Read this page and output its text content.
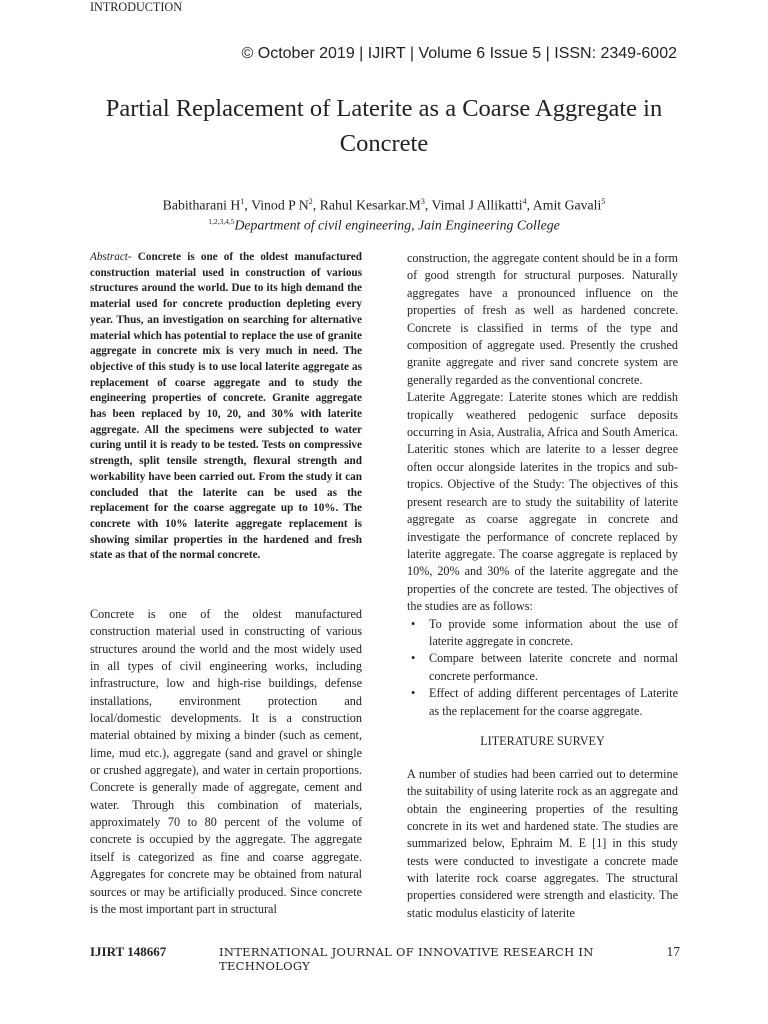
© October 2019 | IJIRT | Volume 6 Issue 5 | ISSN: 2349-6002
Partial Replacement of Laterite as a Coarse Aggregate in Concrete
Babitharani $H^1$, Vinod P $N^2$, Rahul $Kesarkar.M^3$, Vimal J Allikatti$^4$, Amit Gavali$^5$
$^{1,2,3,4,5}$Department of civil engineering, Jain Engineering College

Abstract- Concrete is one of the oldest manufactured construction material used in construction of various structures around the world. Due to its high demand the material used for concrete production depleting every year. Thus, an investigation on searching for alternative material which has potential to replace the use of granite aggregate in concrete mix is very much in need. The objective of this study is to use local laterite aggregate as replacement of coarse aggregate and to study the engineering properties of concrete. Granite aggregate has been replaced by 10, 20, and 30% with laterite aggregate. All the specimens were subjected to water curing until it is ready to be tested. Tests on compressive strength, split tensile strength, flexural strength and workability have been carried out. From the study it can concluded that the laterite can be used as the replacement for the coarse aggregate up to 10%. The concrete with 10% laterite aggregate replacement is showing similar properties in the hardened and fresh state as that of the normal concrete.

INTRODUCTION

Concrete is one of the oldest manufactured construction material used in constructing of various structures around the world and the most widely used in all types of civil engineering works, including infrastructure, low and high-rise buildings, defense installations, environment protection and local/domestic developments. It is a construction material obtained by mixing a binder (such as cement, lime, mud etc.), aggregate (sand and gravel or shingle or crushed aggregate), and water in certain proportions. Concrete is generally made of aggregate, cement and water. Through this combination of materials, approximately 70 to 80 percent of the volume of concrete is occupied by the aggregate. The aggregate itself is categorized as fine and coarse aggregate. Aggregates for concrete may be obtained from natural sources or may be artificially produced. Since concrete is the most important part in structural

construction, the aggregate content should be in a form of good strength for structural purposes. Naturally aggregates have a pronounced influence on the properties of fresh as well as hardened concrete. Concrete is classified in terms of the type and composition of aggregate used. Presently the crushed granite aggregate and river sand concrete system are generally regarded as the conventional concrete.

Laterite Aggregate: Laterite stones which are reddish tropically weathered pedogenic surface deposits occurring in Asia, Australia, Africa and South America. Lateritic stones which are laterite to a lesser degree often occur alongside laterites in the tropics and sub-tropics. Objective of the Study: The objectives of this present research are to study the suitability of laterite aggregate as coarse aggregate in concrete and investigate the performance of concrete replaced by laterite aggregate. The coarse aggregate is replaced by 10%, 20% and 30% of the laterite aggregate and the properties of the concrete are tested. The objectives of the studies are as follows:

• To provide some information about the use of laterite aggregate in concrete.
• Compare between laterite concrete and normal concrete performance.
• Effect of adding different percentages of Laterite as the replacement for the coarse aggregate.
LITERATURE SURVEY

A number of studies had been carried out to determine the suitability of using laterite rock as an aggregate and obtain the engineering properties of the resulting concrete in its wet and hardened state. The studies are summarized below, Ephraim M. E [1] in this study tests were conducted to investigate a concrete made with laterite rock coarse aggregates. The structural properties considered were strength and elasticity. The static modulus elasticity of laterite

IJIRT 148667	INTERNATIONAL JOURNAL OF INNOVATIVE RESEARCH IN TECHNOLOGY
17
